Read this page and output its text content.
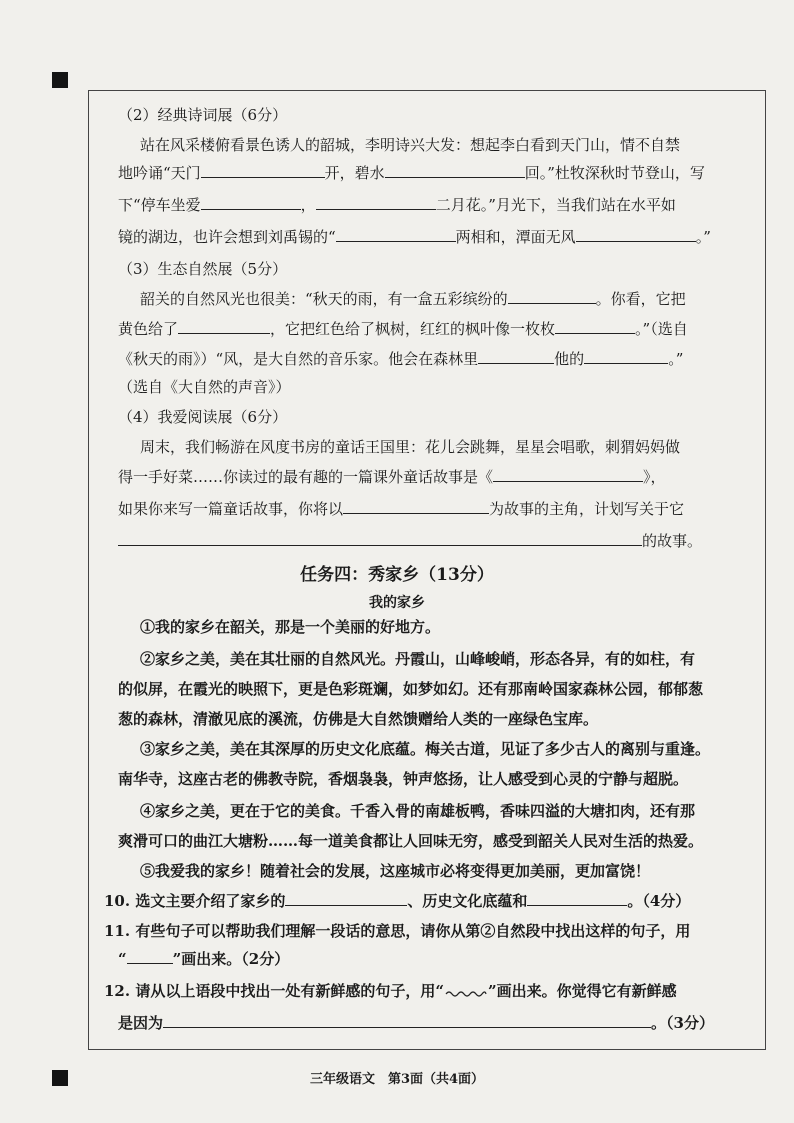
（2）经典诗词展（6分）
站在风采楼俯看景色诱人的韶城，李明诗兴大发：想起李白看到天门山，情不自禁
地吟诵“天门	开，碧水	回。”杜牧深秋时节登山，写
下“停车坐爱	，	二月花。”月光下，当我们站在水平如
镜的湖边，也许会想到刘禹锡的“	两相和，潭面无风	。”
（3）生态自然展（5分）
韶关的自然风光也很美：“秋天的雨，有一盒五彩缤纷的	。你看，它把
黄色给了	，它把红色给了枫树，红红的枫叶像一枚枚	。”（选自
《秋天的雨》）“风，是大自然的音乐家。他会在森林里	他的	。”
（选自《大自然的声音》）
（4）我爱阅读展（6分）
周末，我们畅游在风度书房的童话王国里：花儿会跳舞，星星会唱歌，刺猬妈妈做
得一手好菜……你读过的最有趣的一篇课外童话故事是《	》，
如果你来写一篇童话故事，你将以	为故事的主角，计划写关于它
的故事。
任务四：秀家乡（13分）
我的家乡
①我的家乡在韶关，那是一个美丽的好地方。
②家乡之美，美在其壮丽的自然风光。丹霞山，山峰峻峭，形态各异，有的如柱，有
的似屏，在霞光的映照下，更是色彩斑斓，如梦如幻。还有那南岭国家森林公园，郁郁葱
葱的森林，清澈见底的溪流，仿佛是大自然馈赠给人类的一座绿色宝库。
③家乡之美，美在其深厚的历史文化底蕴。梅关古道，见证了多少古人的离别与重逢。
南华寺，这座古老的佛教寺院，香烟袅袅，钟声悠扬，让人感受到心灵的宁静与超脱。
④家乡之美，更在于它的美食。千香入骨的南雄板鸭，香味四溢的大塘扣肉，还有那
爽滑可口的曲江大塘粉……每一道美食都让人回味无穷，感受到韶关人民对生活的热爱。
⑤我爱我的家乡！随着社会的发展，这座城市必将变得更加美丽，更加富饶！
10. 选文主要介绍了家乡的	、历史文化底蕴和	。（4分）
11. 有些句子可以帮助我们理解一段话的意思，请你从第②自然段中找出这样的句子，用
“	”画出来。（2分）
12. 请从以上语段中找出一处有新鲜感的句子，用“	”画出来。你觉得它有新鲜感
是因为	。（3分）
三年级语文　第3面（共4面）
